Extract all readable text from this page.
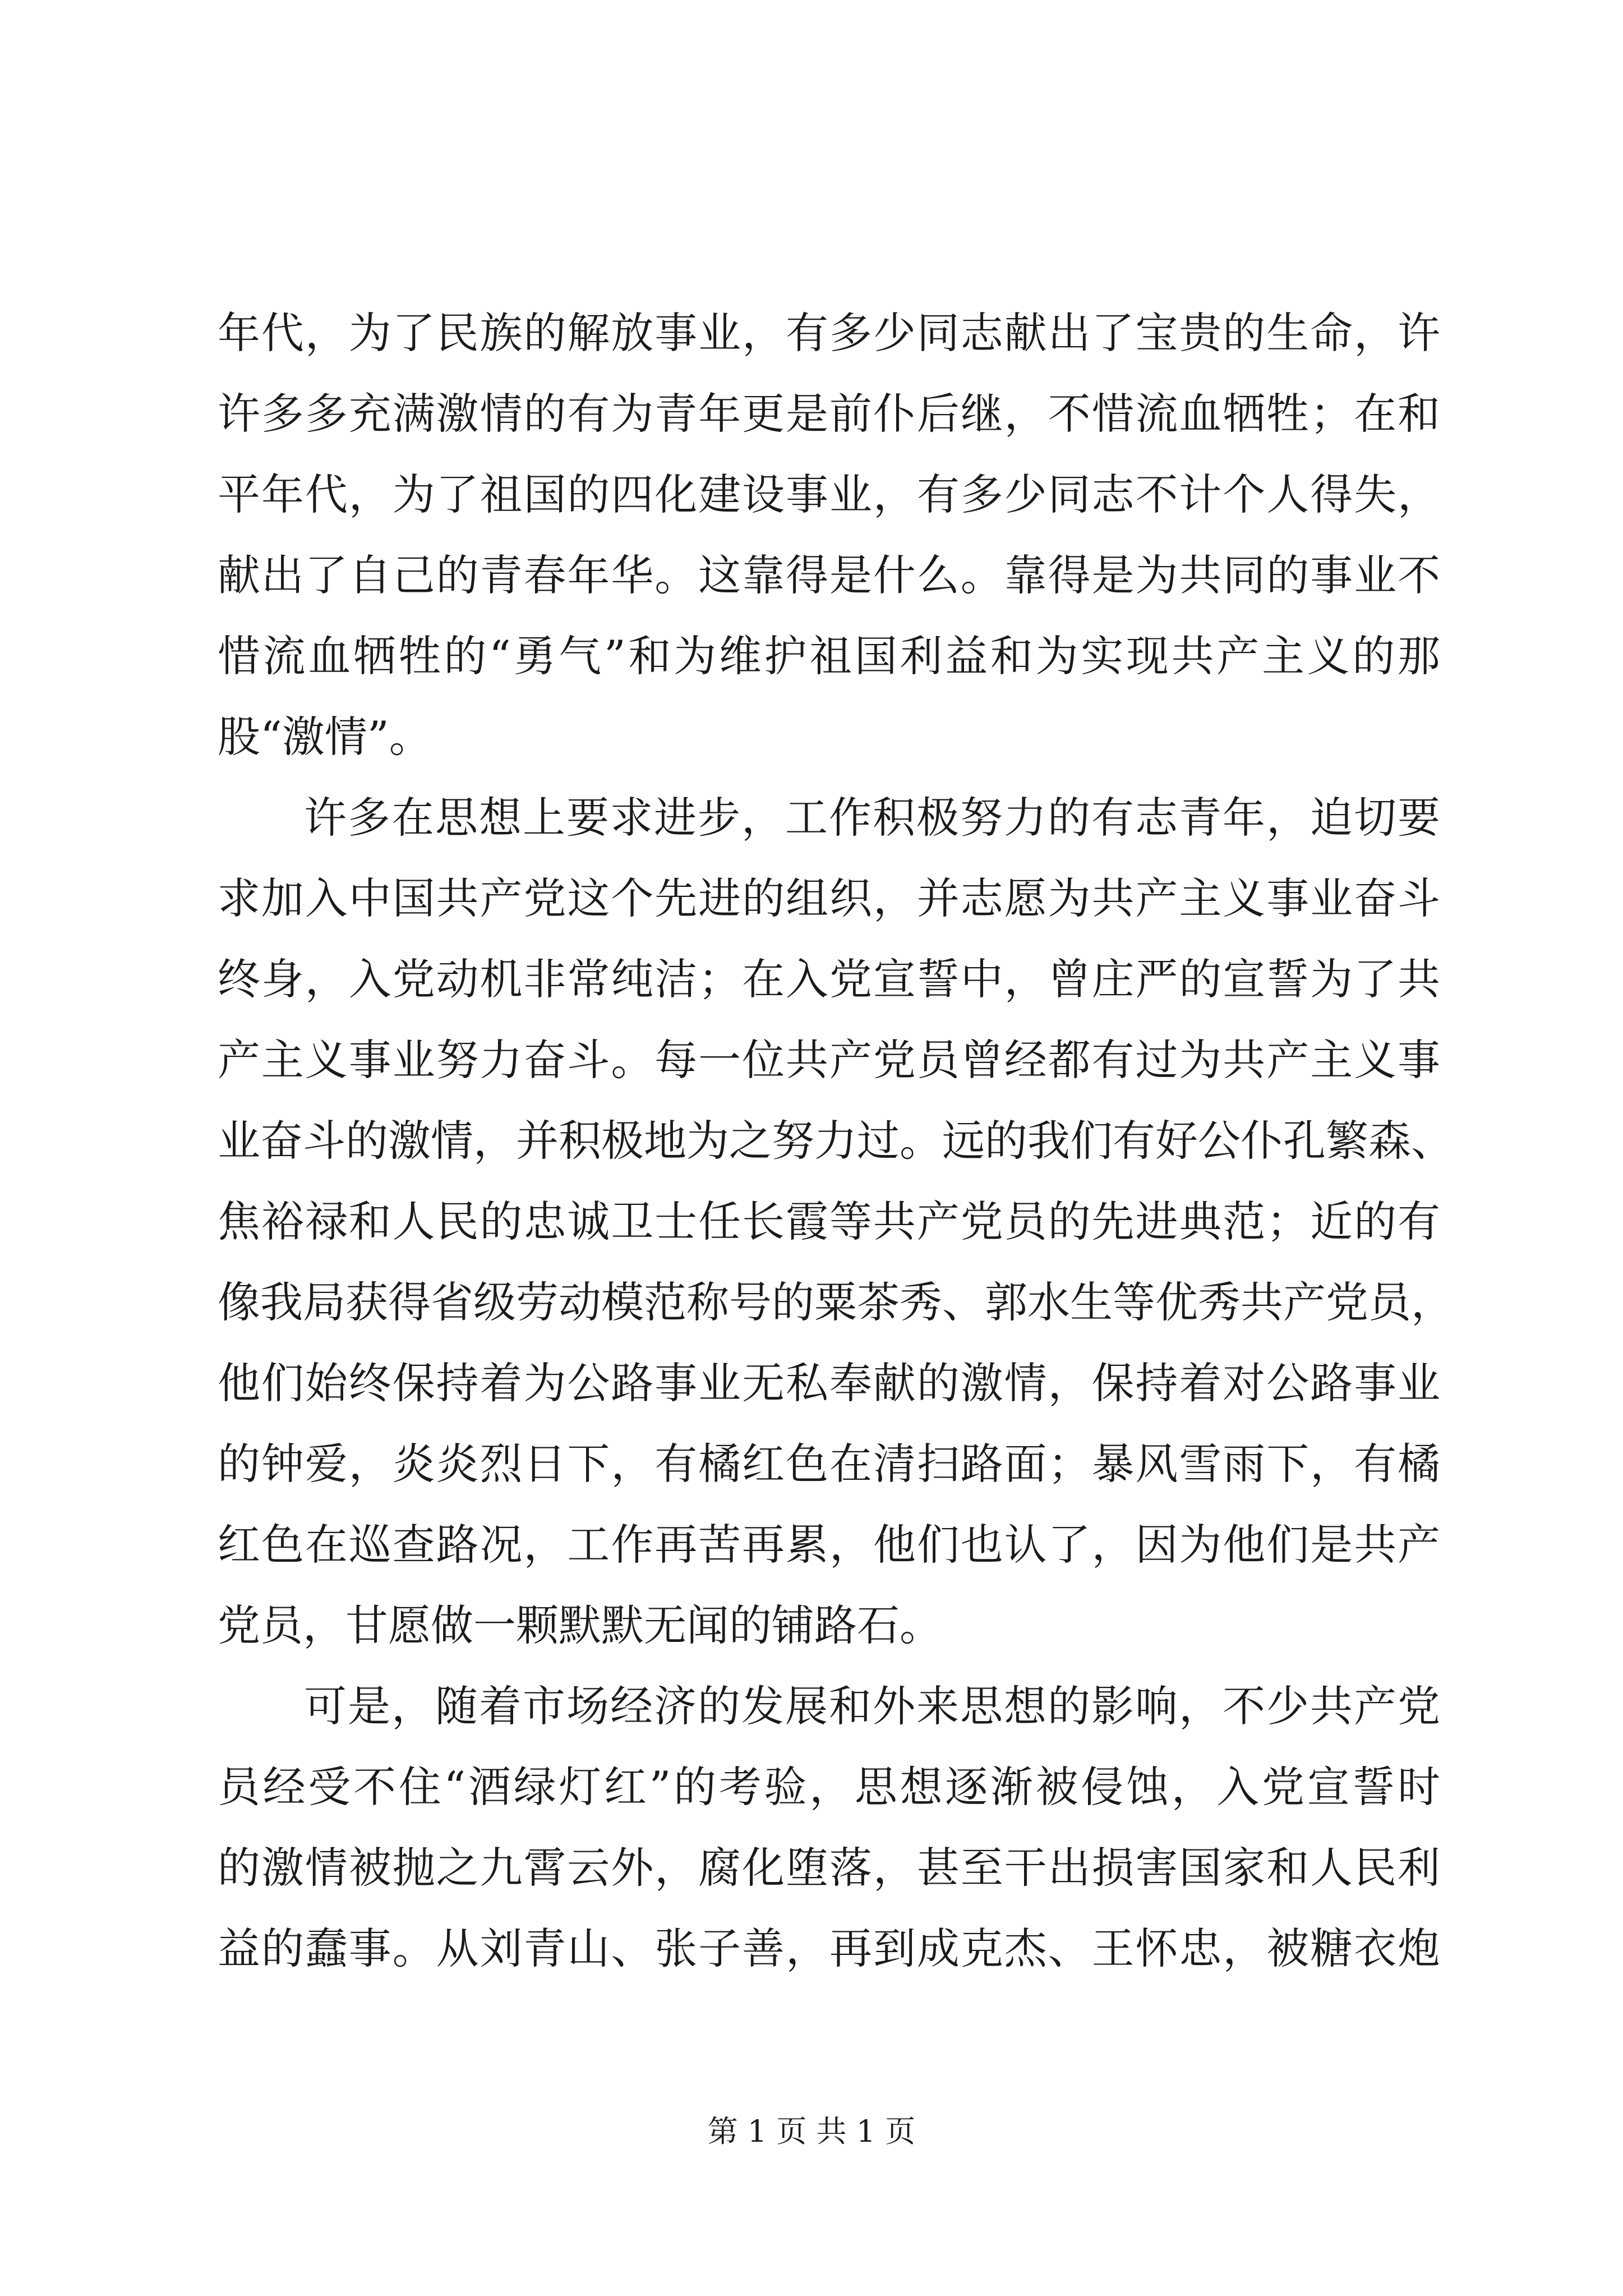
年代，为了民族的解放事业，有多少同志献出了宝贵的生命，许
许多多充满激情的有为青年更是前仆后继，不惜流血牺牲；在和
平年代，为了祖国的四化建设事业，有多少同志不计个人得失，
献出了自己的青春年华。这靠得是什么。靠得是为共同的事业不
惜流血牺牲的“勇气”和为维护祖国利益和为实现共产主义的那
股“激情”。
许多在思想上要求进步，工作积极努力的有志青年，迫切要
求加入中国共产党这个先进的组织，并志愿为共产主义事业奋斗
终身，入党动机非常纯洁；在入党宣誓中，曾庄严的宣誓为了共
产主义事业努力奋斗。每一位共产党员曾经都有过为共产主义事
业奋斗的激情，并积极地为之努力过。远的我们有好公仆孔繁森、
焦裕禄和人民的忠诚卫士任长霞等共产党员的先进典范；近的有
像我局获得省级劳动模范称号的粟茶秀、郭水生等优秀共产党员，
他们始终保持着为公路事业无私奉献的激情，保持着对公路事业
的钟爱，炎炎烈日下，有橘红色在清扫路面；暴风雪雨下，有橘
红色在巡查路况，工作再苦再累，他们也认了，因为他们是共产
党员，甘愿做一颗默默无闻的铺路石。
可是，随着市场经济的发展和外来思想的影响，不少共产党
员经受不住“酒绿灯红”的考验，思想逐渐被侵蚀，入党宣誓时
的激情被抛之九霄云外，腐化堕落，甚至干出损害国家和人民利
益的蠢事。从刘青山、张子善，再到成克杰、王怀忠，被糖衣炮
第 1 页 共 1 页
